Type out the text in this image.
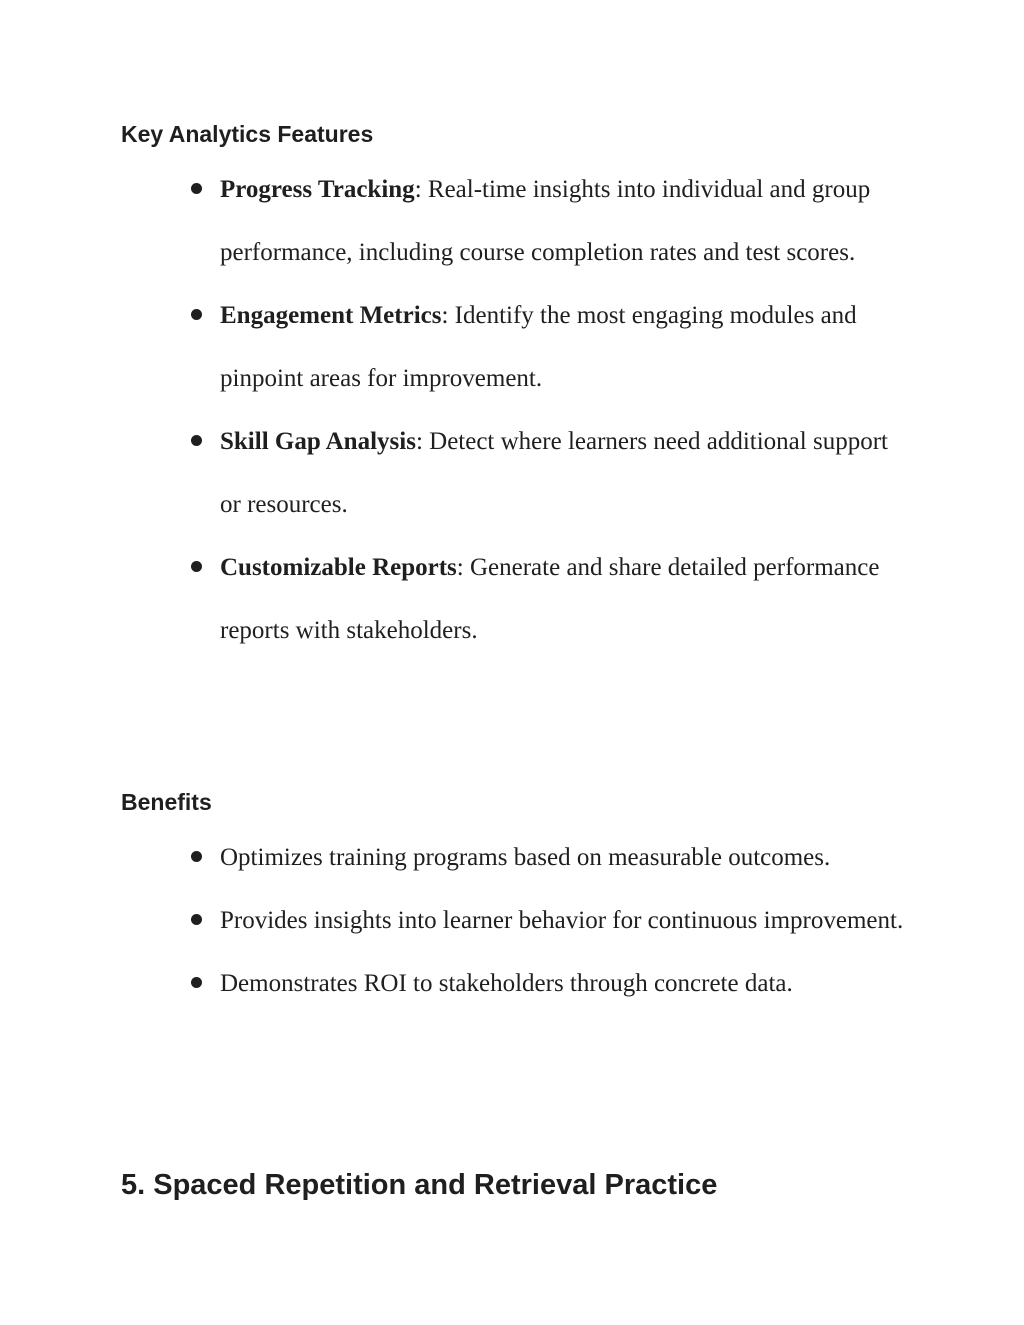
Key Analytics Features
Progress Tracking: Real-time insights into individual and group performance, including course completion rates and test scores.
Engagement Metrics: Identify the most engaging modules and pinpoint areas for improvement.
Skill Gap Analysis: Detect where learners need additional support or resources.
Customizable Reports: Generate and share detailed performance reports with stakeholders.
Benefits
Optimizes training programs based on measurable outcomes.
Provides insights into learner behavior for continuous improvement.
Demonstrates ROI to stakeholders through concrete data.
5. Spaced Repetition and Retrieval Practice
